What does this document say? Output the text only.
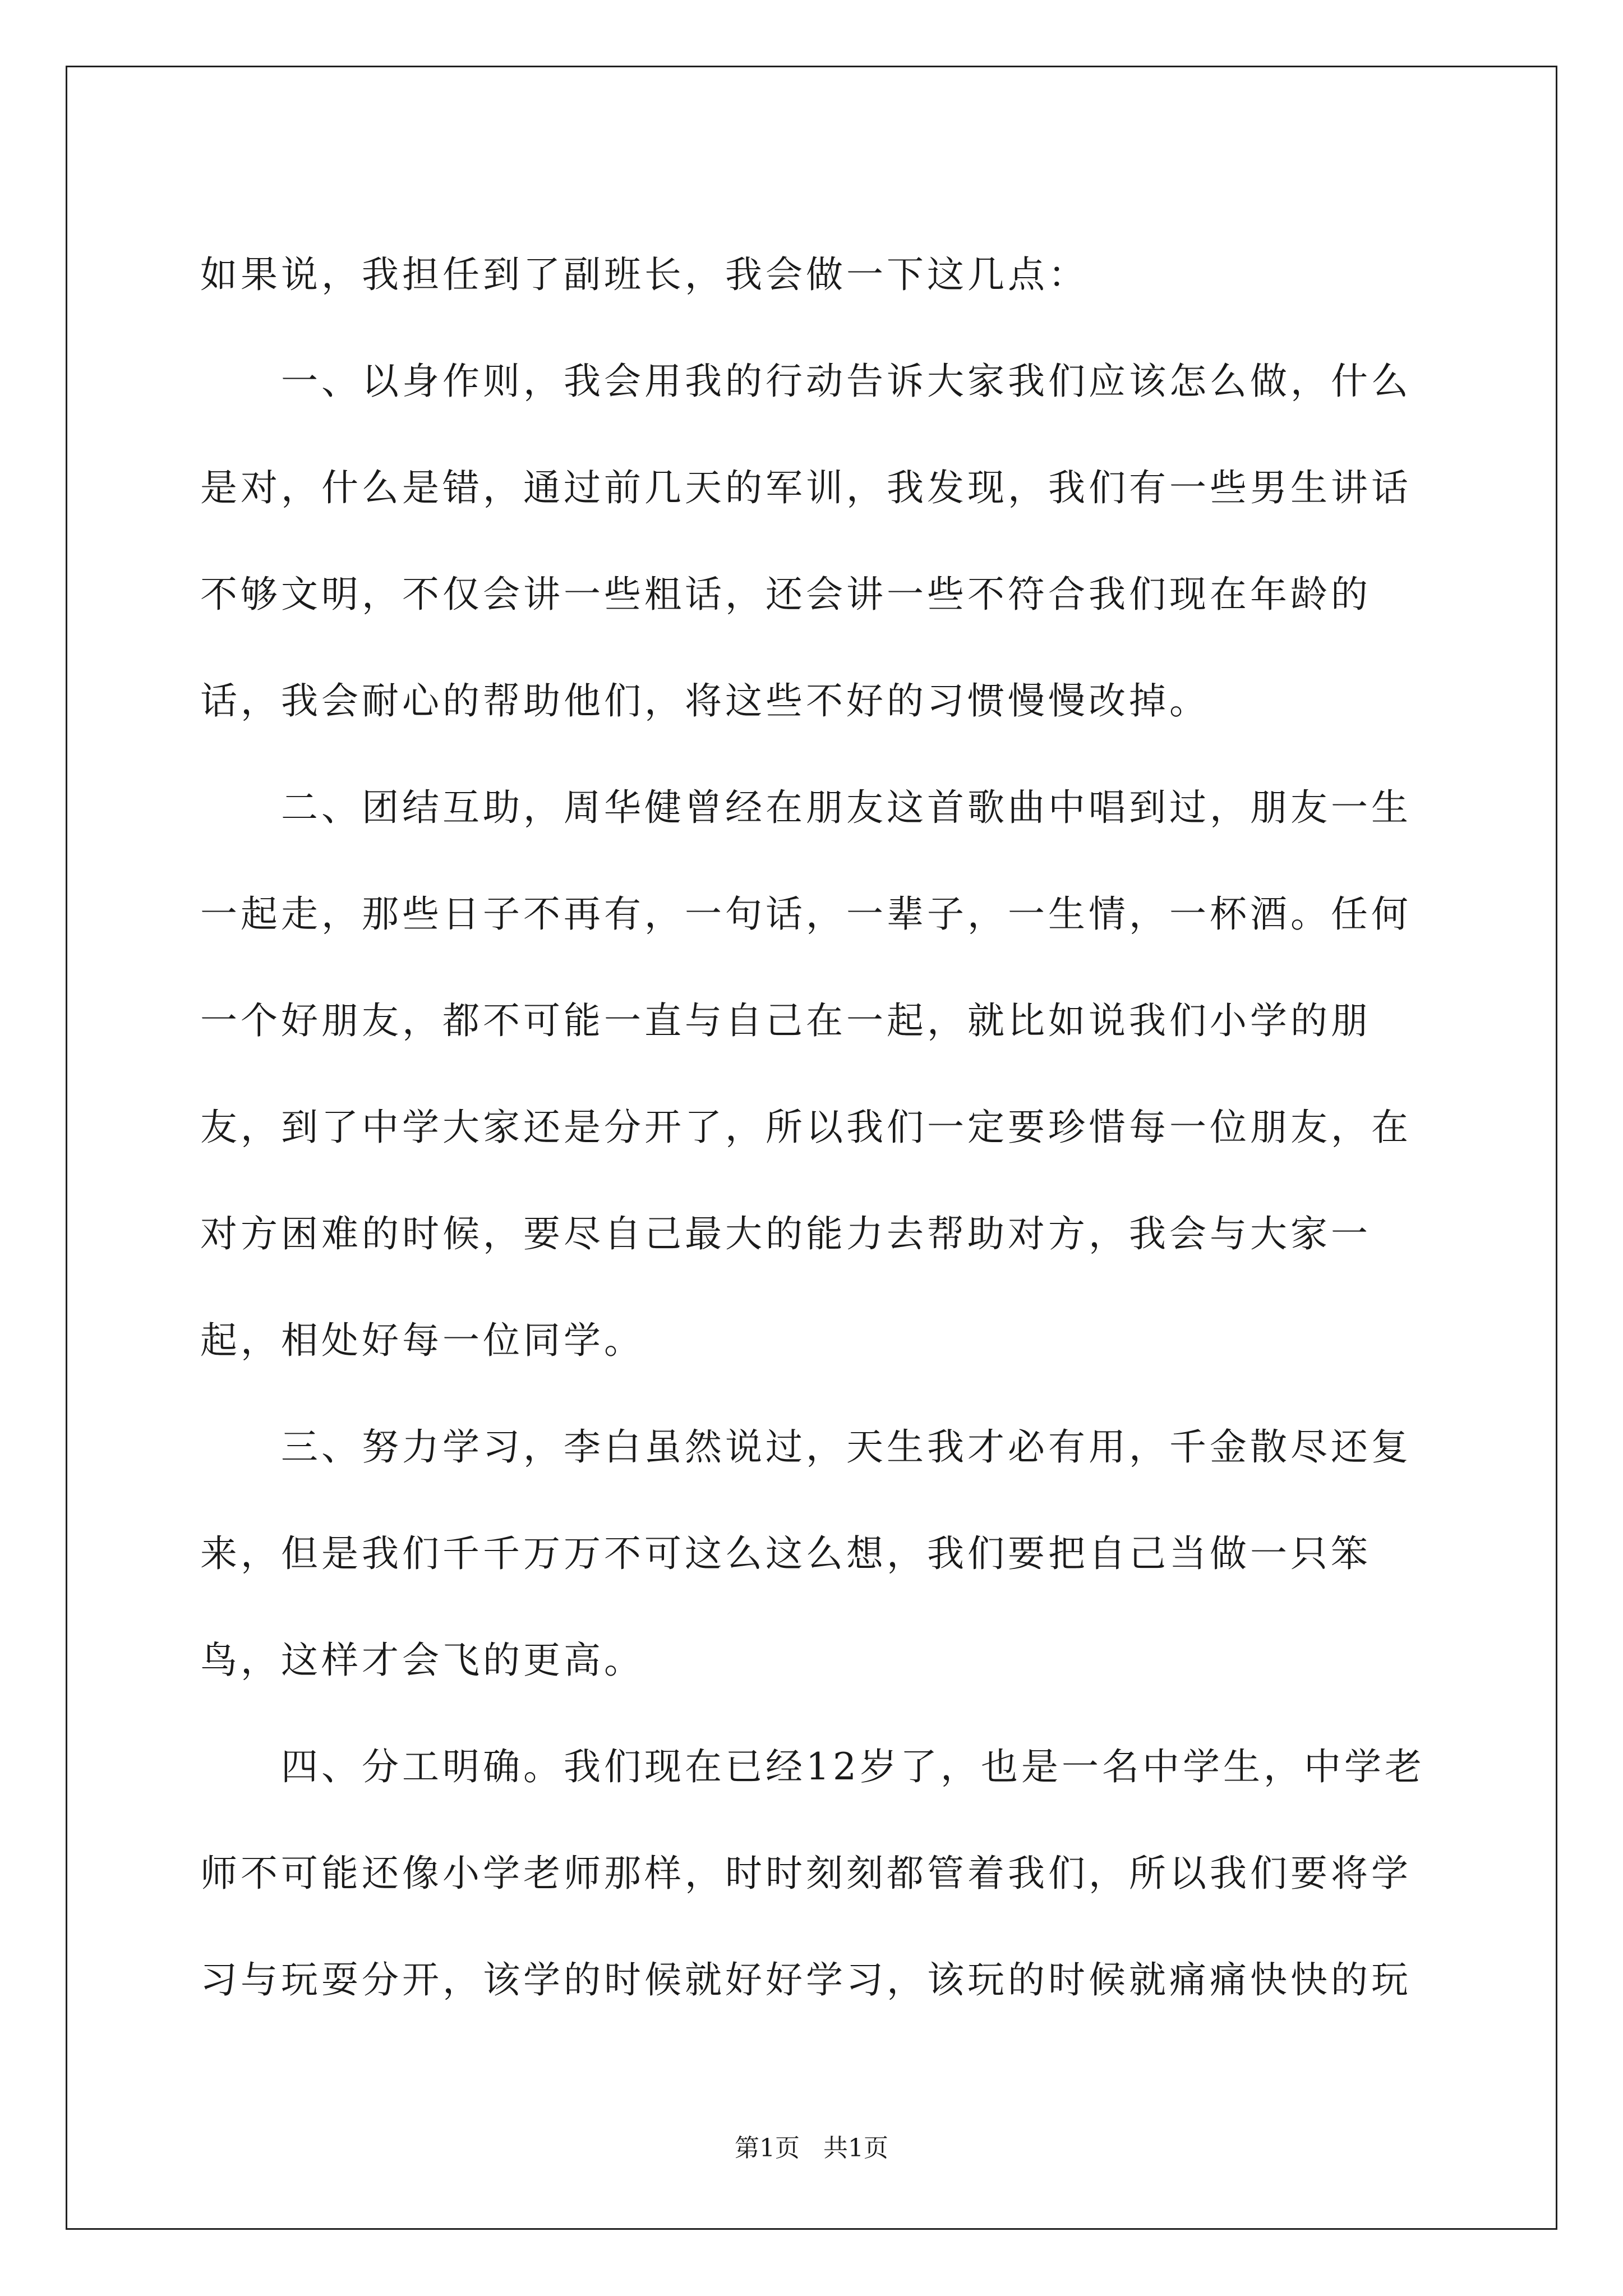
如果说，我担任到了副班长，我会做一下这几点：

一、以身作则，我会用我的行动告诉大家我们应该怎么做，什么是对，什么是错，通过前几天的军训，我发现，我们有一些男生讲话不够文明，不仅会讲一些粗话，还会讲一些不符合我们现在年龄的话，我会耐心的帮助他们，将这些不好的习惯慢慢改掉。

二、团结互助，周华健曾经在朋友这首歌曲中唱到过，朋友一生一起走，那些日子不再有，一句话，一辈子，一生情，一杯酒。任何一个好朋友，都不可能一直与自己在一起，就比如说我们小学的朋友，到了中学大家还是分开了，所以我们一定要珍惜每一位朋友，在对方困难的时候，要尽自己最大的能力去帮助对方，我会与大家一起，相处好每一位同学。

三、努力学习，李白虽然说过，天生我才必有用，千金散尽还复来，但是我们千千万万不可这么这么想，我们要把自己当做一只笨鸟，这样才会飞的更高。

四、分工明确。我们现在已经12岁了，也是一名中学生，中学老师不可能还像小学老师那样，时时刻刻都管着我们，所以我们要将学习与玩耍分开，该学的时候就好好学习，该玩的时候就痛痛快快的玩

第1页 共1页
